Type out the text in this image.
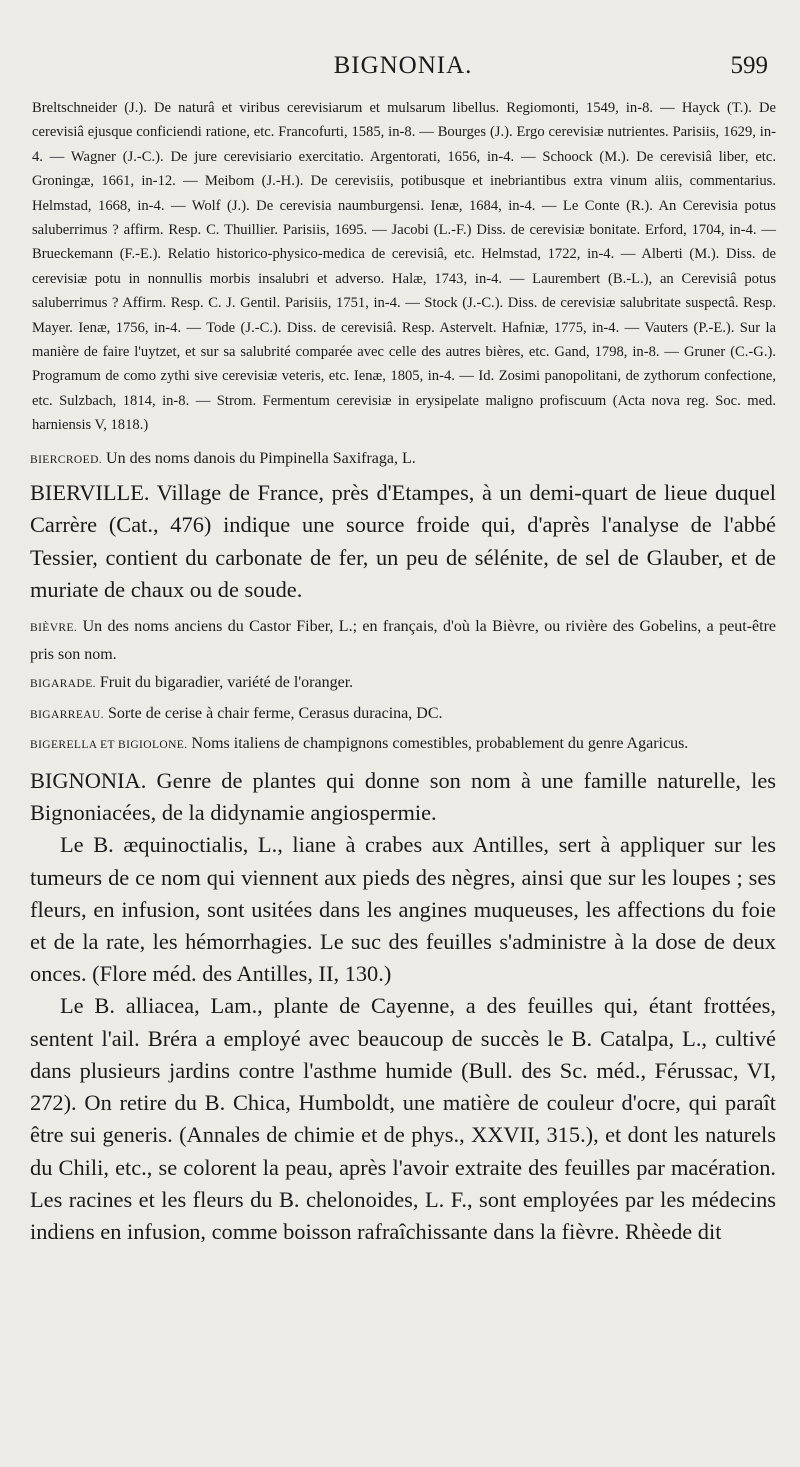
BIGNONIA.	599

Breltschneider (J.). De naturâ et viribus cerevisiarum et mulsarum libellus. Regiomonti, 1549, in-8. — Hayck (T.). De cerevisiâ ejusque conficiendi ratione, etc. Francofurti, 1585, in-8. — Bourges (J.). Ergo cerevisiæ nutrientes. Parisiis, 1629, in-4. — Wagner (J.-C.). De jure cerevisiario exercitatio. Argentorati, 1656, in-4. — Schoock (M.). De cerevisiâ liber, etc. Groningæ, 1661, in-12. — Meibom (J.-H.). De cerevisiis, potibusque et inebriantibus extra vinum aliis, commentarius. Helmstad, 1668, in-4. — Wolf (J.). De cerevisia naumburgensi. Ienæ, 1684, in-4. — Le Conte (R.). An Cerevisia potus saluberrimus ? affirm. Resp. C. Thuillier. Parisiis, 1695. — Jacobi (L.-F.) Diss. de cerevisiæ bonitate. Erford, 1704, in-4. — Brueckemann (F.-E.). Relatio historico-physico-medica de cerevisiâ, etc. Helmstad, 1722, in-4. — Alberti (M.). Diss. de cerevisiæ potu in nonnullis morbis insalubri et adverso. Halæ, 1743, in-4. — Laurembert (B.-L.), an Cerevisiâ potus saluberrimus ? Affirm. Resp. C. J. Gentil. Parisiis, 1751, in-4. — Stock (J.-C.). Diss. de cerevisiæ salubritate suspectâ. Resp. Mayer. Ienæ, 1756, in-4. — Tode (J.-C.). Diss. de cerevisiâ. Resp. Astervelt. Hafniæ, 1775, in-4. — Vauters (P.-E.). Sur la manière de faire l'uytzet, et sur sa salubrité comparée avec celle des autres bières, etc. Gand, 1798, in-8. — Gruner (C.-G.). Programum de como zythi sive cerevisiæ veteris, etc. Ienæ, 1805, in-4. — Id. Zosimi panopolitani, de zythorum confectione, etc. Sulzbach, 1814, in-8. — Strom. Fermentum cerevisiæ in erysipelate maligno profiscuum (Acta nova reg. Soc. med. harniensis V, 1818.)

BIERCROED. Un des noms danois du Pimpinella Saxifraga, L.

BIERVILLE. Village de France, près d'Etampes, à un demi-quart de lieue duquel Carrère (Cat., 476) indique une source froide qui, d'après l'analyse de l'abbé Tessier, contient du carbonate de fer, un peu de sélénite, de sel de Glauber, et de muriate de chaux ou de soude.

BIÈVRE. Un des noms anciens du Castor Fiber, L.; en français, d'où la Bièvre, ou rivière des Gobelins, a peut-être pris son nom.

BIGARADE. Fruit du bigaradier, variété de l'oranger.

BIGARREAU. Sorte de cerise à chair ferme, Cerasus duracina, DC.

BIGERELLA ET BIGIOLONE. Noms italiens de champignons comestibles, probablement du genre Agaricus.

BIGNONIA. Genre de plantes qui donne son nom à une famille naturelle, les Bignoniacées, de la didynamie angiospermie.

Le B. æquinoctialis, L., liane à crabes aux Antilles, sert à appliquer sur les tumeurs de ce nom qui viennent aux pieds des nègres, ainsi que sur les loupes ; ses fleurs, en infusion, sont usitées dans les angines muqueuses, les affections du foie et de la rate, les hémorrhagies. Le suc des feuilles s'administre à la dose de deux onces. (Flore méd. des Antilles, II, 130.)

Le B. alliacea, Lam., plante de Cayenne, a des feuilles qui, étant frottées, sentent l'ail. Bréra a employé avec beaucoup de succès le B. Catalpa, L., cultivé dans plusieurs jardins contre l'asthme humide (Bull. des Sc. méd., Férussac, VI, 272). On retire du B. Chica, Humboldt, une matière de couleur d'ocre, qui paraît être sui generis. (Annales de chimie et de phys., XXVII, 315.), et dont les naturels du Chili, etc., se colorent la peau, après l'avoir extraite des feuilles par macération. Les racines et les fleurs du B. chelonoides, L. F., sont employées par les médecins indiens en infusion, comme boisson rafraîchissante dans la fièvre. Rhèede dit
